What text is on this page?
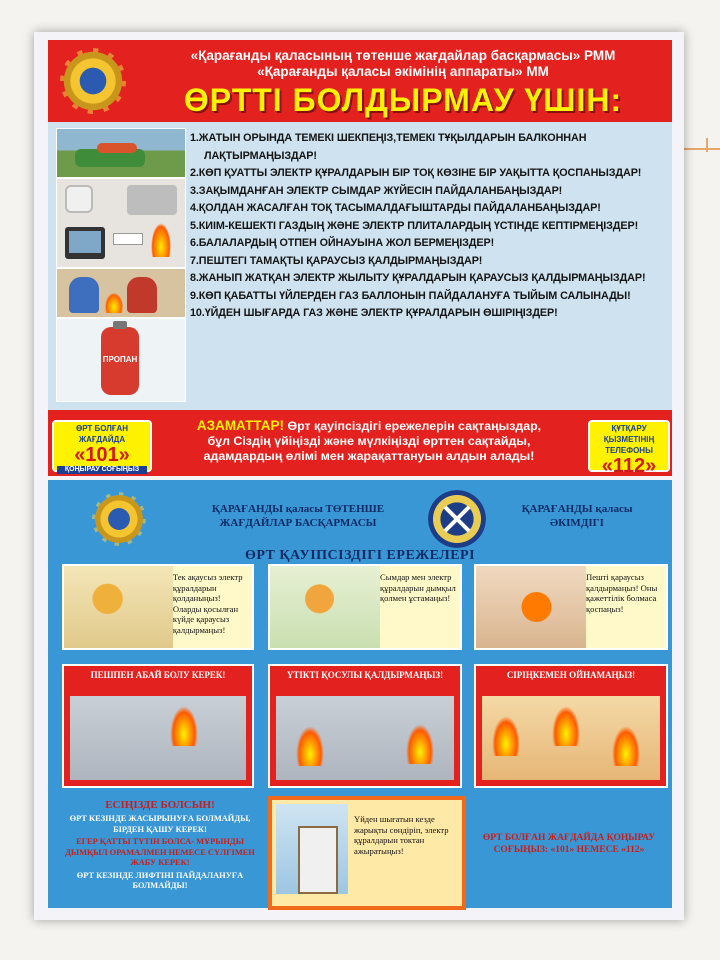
«Қарағанды қаласының төтенше жағдайлар басқармасы» РММ
«Қарағанды қаласы әкімінің аппараты» ММ
ӨРТТІ БОЛДЫРМАУ ҮШІН:
ПРОПАН
1.ЖАТЫН ОРЫНДА ТЕМЕКІ ШЕКПЕҢІЗ,ТЕМЕКІ ТҰҚЫЛДАРЫН БАЛКОННАН ЛАҚТЫРМАҢЫЗДАР!
2.КӨП ҚУАТТЫ ЭЛЕКТР ҚҰРАЛДАРЫН БІР ТОҚ КӨЗІНЕ БІР УАҚЫТТА ҚОСПАНЫЗДАР!
3.ЗАҚЫМДАНҒАН ЭЛЕКТР СЫМДАР ЖҮЙЕСІН ПАЙДАЛАНБАҢЫЗДАР!
4.ҚОЛДАН ЖАСАЛҒАН ТОҚ ТАСЫМАЛДАҒЫШТАРДЫ ПАЙДАЛАНБАҢЫЗДАР!
5.КИІМ-КЕШЕКТІ ГАЗДЫҢ ЖӘНЕ ЭЛЕКТР ПЛИТАЛАРДЫҢ ҮСТІНДЕ КЕПТІРМЕҢІЗДЕР!
6.БАЛАЛАРДЫҢ ОТПЕН ОЙНАУЫНА ЖОЛ БЕРМЕҢІЗДЕР!
7.ПЕШТЕГІ ТАМАҚТЫ ҚАРАУСЫЗ ҚАЛДЫРМАҢЫЗДАР!
8.ЖАНЫП ЖАТҚАН ЭЛЕКТР ЖЫЛЫТУ ҚҰРАЛДАРЫН ҚАРАУСЫЗ ҚАЛДЫРМАҢЫЗДАР!
9.КӨП ҚАБАТТЫ ҮЙЛЕРДЕН ГАЗ БАЛЛОНЫН ПАЙДАЛАНУҒА ТЫЙЫМ САЛЫНАДЫ!
10.ҮЙДЕН ШЫҒАРДА ГАЗ ЖӘНЕ ЭЛЕКТР ҚҰРАЛДАРЫН ӨШІРІҢІЗДЕР!
ӨРТ БОЛҒАН
ЖАҒДАЙДА
«101»
ҚОҢЫРАУ СОҒЫҢЫЗ
АЗАМАТТАР! Өрт қауіпсіздігі ережелерін сақтаңыздар,
бұл Сіздің үйіңізді және мүлкіңізді өрттен сақтайды,
адамдардың өлімі мен жарақаттануын алдын алады!
ҚҰТҚАРУ
ҚЫЗМЕТІНІҢ
ТЕЛЕФОНЫ
«112»
ҚАРАҒАНДЫ қаласы ТӨТЕНШЕ
ЖАҒДАЙЛАР БАСҚАРМАСЫ
ҚАРАҒАНДЫ қаласы
ӘКІМДІГІ
ӨРТ ҚАУІПСІЗДІГІ ЕРЕЖЕЛЕРІ
Тек ақаусыз электр құралдарын қолданыңыз! Оларды қосылған күйде қараусыз қалдырмаңыз!
Сымдар мен электр құралдарын дымқыл қолмен ұстамаңыз!
Пешті қараусыз қалдырмаңыз! Оны қажеттілік болмаса қоспаңыз!
ПЕШПЕН АБАЙ БОЛУ КЕРЕК!	ҮТІКТІ ҚОСУЛЫ ҚАЛДЫРМАҢЫЗ!	СІРІҢКЕМЕН ОЙНАМАҢЫЗ!
ЕСІҢІЗДЕ БОЛСЫН!
ӨРТ КЕЗІНДЕ ЖАСЫРЫНУҒА БОЛМАЙДЫ, БІРДЕН ҚАШУ КЕРЕК!
ЕГЕР ҚАТТЫ ТҮТІН БОЛСА- МҰРЫНДЫ ДЫМҚЫЛ ОРАМАЛМЕН НЕМЕСЕ СҮЛГІМЕН ЖАБУ КЕРЕК!
ӨРТ КЕЗІНДЕ ЛИФТІНІ ПАЙДАЛАНУҒА БОЛМАЙДЫ!
Үйден шығатын кезде жарықты сөндіріп, электр құралдарын токтан ажыратыңыз!
ӨРТ БОЛҒАН ЖАҒДАЙДА ҚОҢЫРАУ СОҒЫҢЫЗ: «101» НЕМЕСЕ «112»
